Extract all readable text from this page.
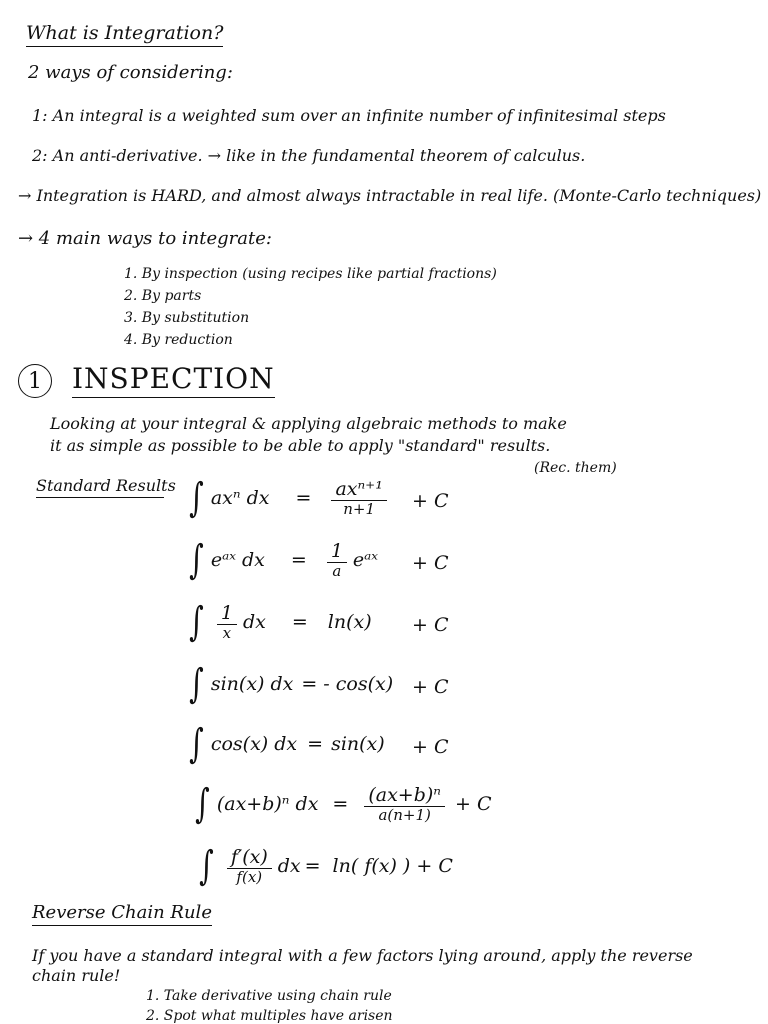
What is Integration?
2 ways of considering:
1: An integral is a weighted sum over an infinite number of infinitesimal steps
2: An anti-derivative. → like in the fundamental theorem of calculus.
→ Integration is HARD, and almost always intractable in real life. (Monte-Carlo techniques)
→ 4 main ways to integrate:
1. By inspection (using recipes like partial fractions)
2. By parts
3. By substitution
4. By reduction
1	INSPECTION
Looking at your integral & applying algebraic methods to make
it as simple as possible to be able to apply "standard" results.
(Rec. them)
Standard Results ∫ axⁿ dx = $\frac{\text{axⁿ⁺¹}}{n+1} + C$
∫ eᵃˣ dx = $\frac{1}{a}$ eᵃˣ + C
∫ $\frac{1}{x}$ dx = ln(x) + C
∫ sin(x) dx = - cos(x) + C
∫ cos(x) dx = sin(x) + C
∫ (ax+b)ⁿ dx = $\frac{\text{(ax+b)ⁿ}}{a(n+1)} + C$
∫ $\frac{f'(x)}{f(x)}$ dx = ln( f(x) ) + C
Reverse Chain Rule
If you have a standard integral with a few factors lying around, apply the reverse
chain rule!
1. Take derivative using chain rule
2. Spot what multiples have arisen
